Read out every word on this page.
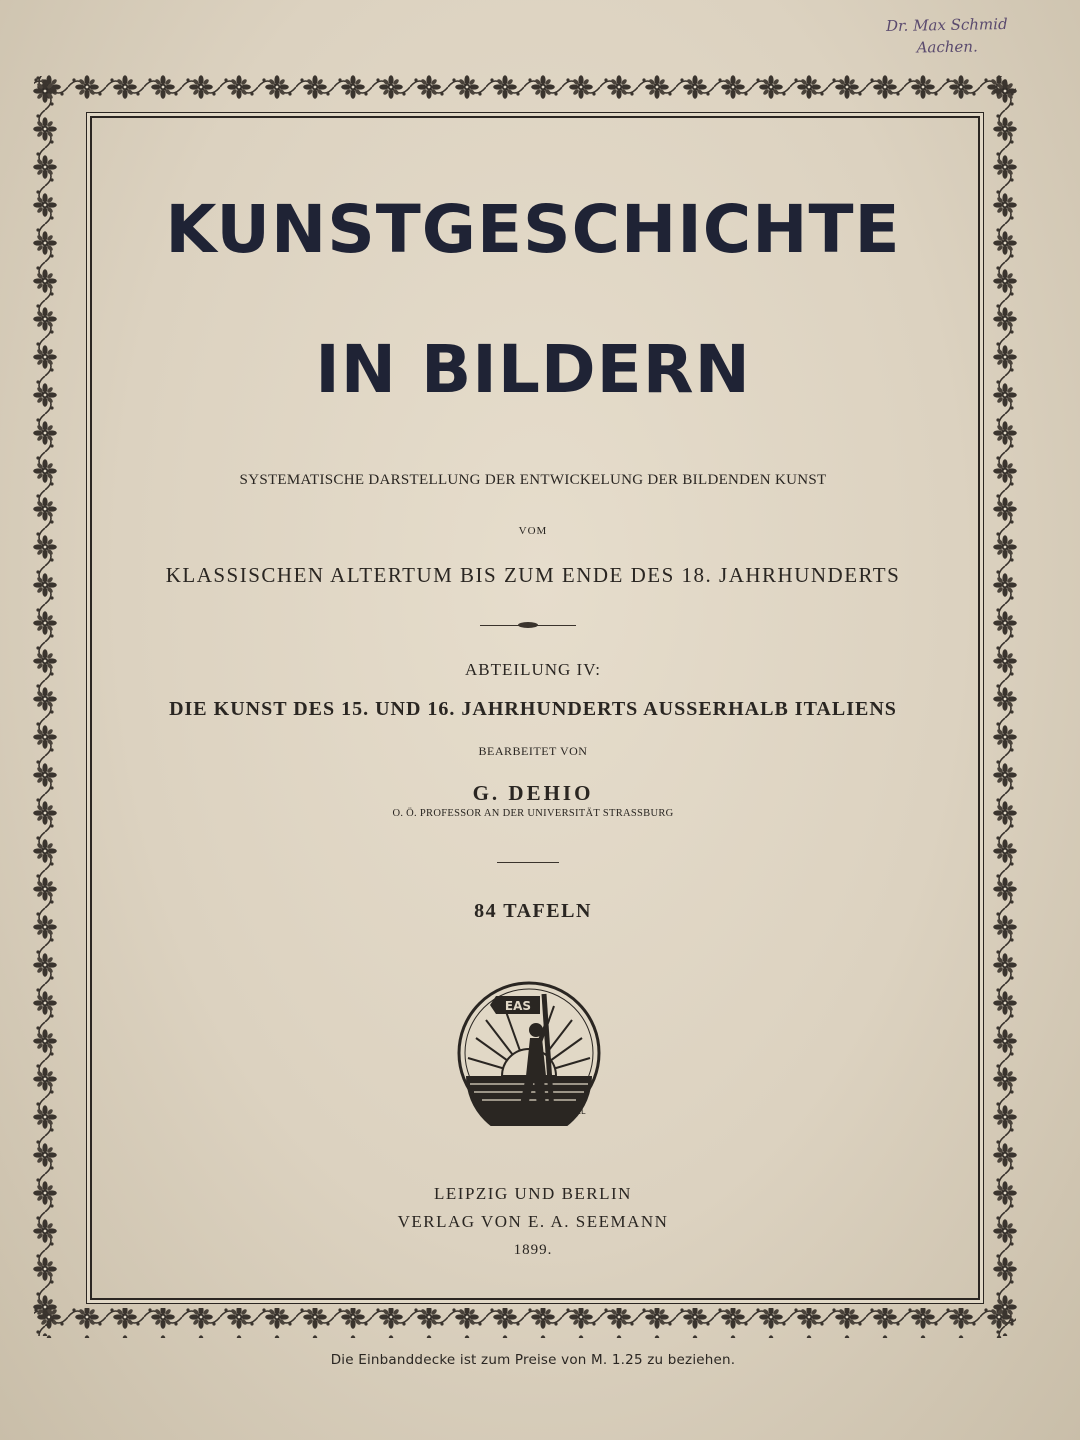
Dr. Max Schmid
Aachen.
KUNSTGESCHICHTE
IN BILDERN
SYSTEMATISCHE DARSTELLUNG DER ENTWICKELUNG DER BILDENDEN KUNST
VOM
KLASSISCHEN ALTERTUM BIS ZUM ENDE DES 18. JAHRHUNDERTS
ABTEILUNG IV:
DIE KUNST DES 15. UND 16. JAHRHUNDERTS AUSSERHALB ITALIENS
BEARBEITET VON
G. DEHIO
O. Ö. PROFESSOR AN DER UNIVERSITÄT STRASSBURG
84 TAFELN
EAS
EL
LEIPZIG UND BERLIN
VERLAG VON E. A. SEEMANN
1899.
Die Einbanddecke ist zum Preise von M. 1.25 zu beziehen.
